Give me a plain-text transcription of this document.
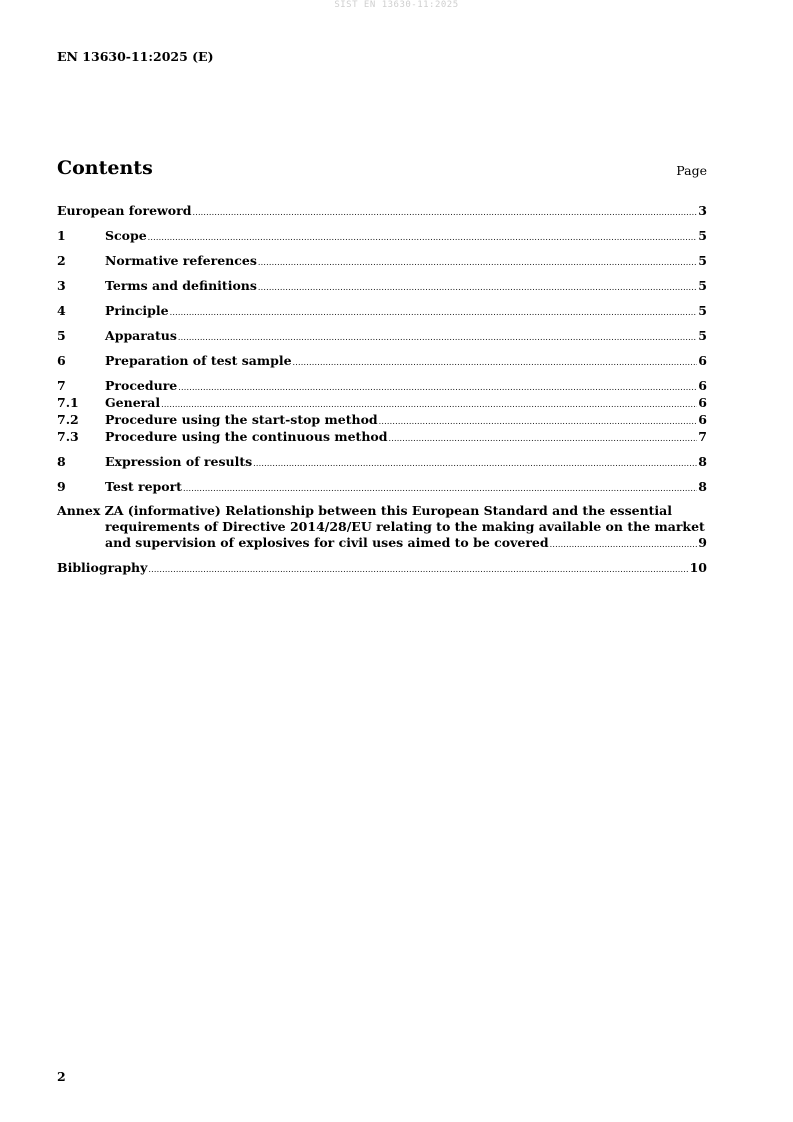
SIST EN 13630-11:2025
EN 13630-11:2025 (E)
Contents	Page
European foreword .....	3
1	Scope .....	5
2	Normative references .....	5
3	Terms and definitions .....	5
4	Principle .....	5
5	Apparatus .....	5
6	Preparation of test sample .....	6
7	Procedure .....	6
7.1	General .....	6
7.2	Procedure using the start-stop method .....	6
7.3	Procedure using the continuous method .....	7
8	Expression of results .....	8
9	Test report .....	8
Annex ZA (informative) Relationship between this European Standard and the essential
requirements of Directive 2014/28/EU relating to the making available on the market
and supervision of explosives for civil uses aimed to be covered .....	9
Bibliography .....	10
2
